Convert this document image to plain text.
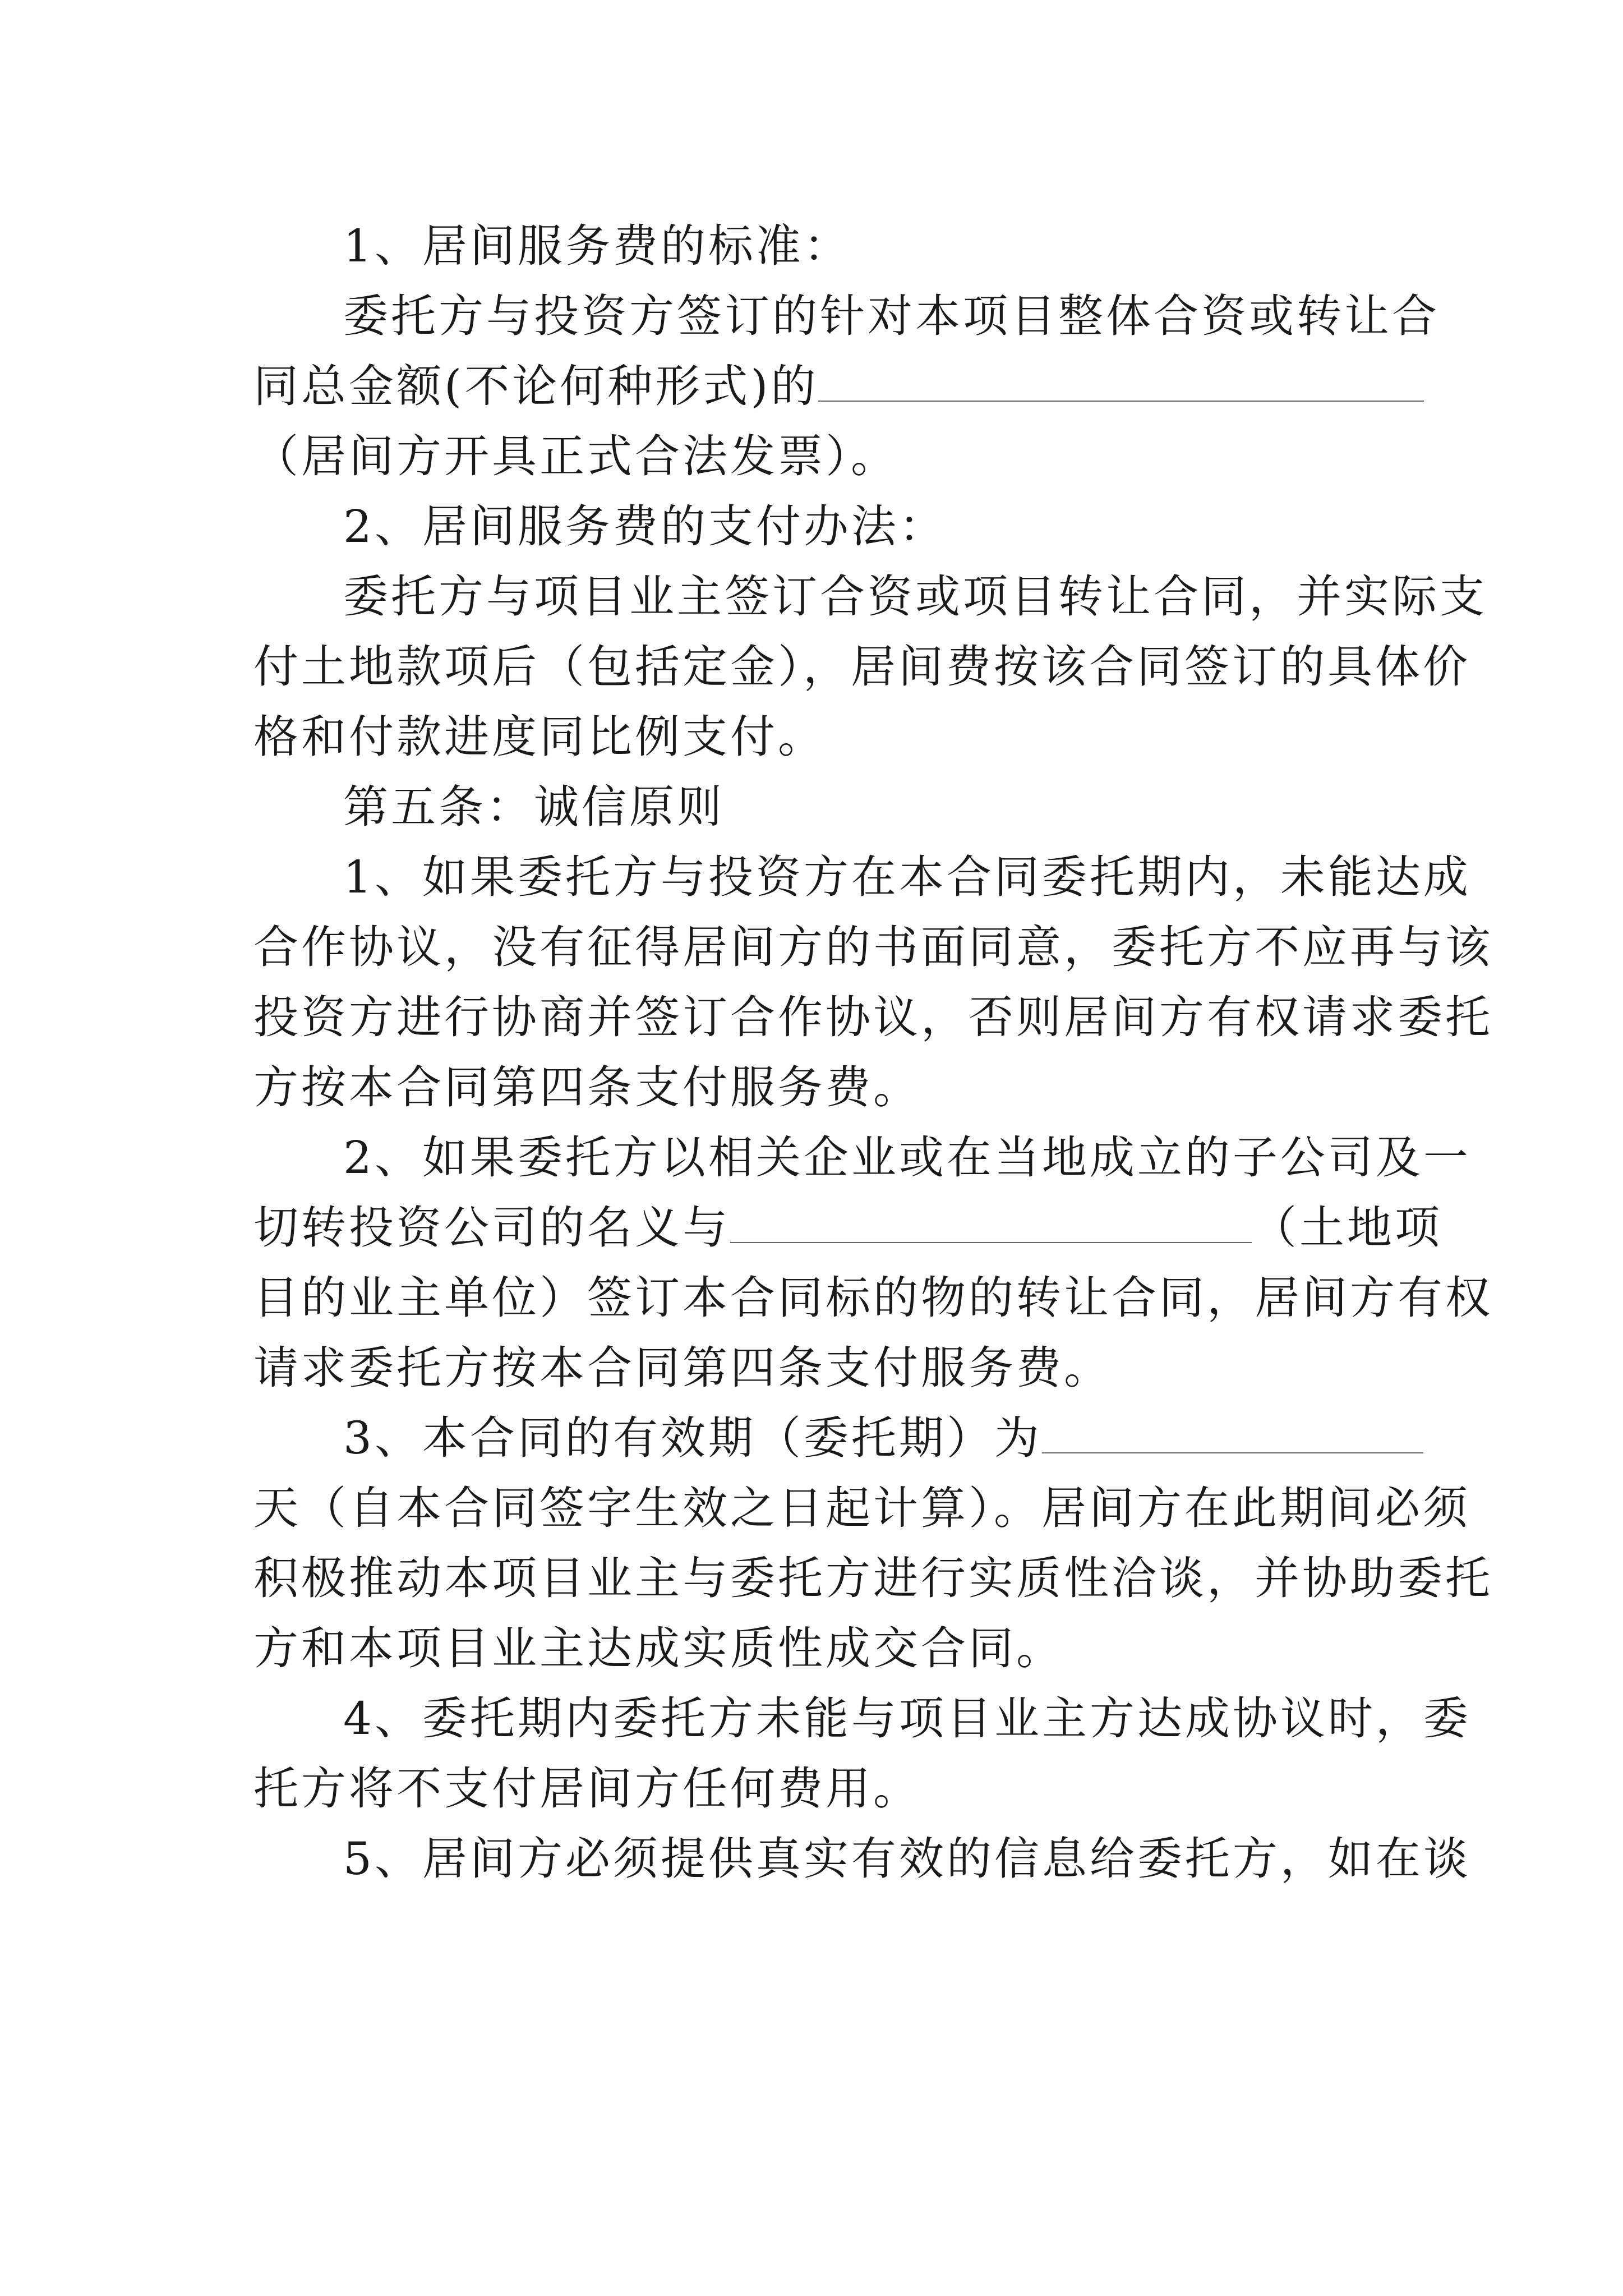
1、居间服务费的标准：
委托方与投资方签订的针对本项目整体合资或转让合
同总金额(不论何种形式)的
（居间方开具正式合法发票）。
2、居间服务费的支付办法：
委托方与项目业主签订合资或项目转让合同，并实际支
付土地款项后（包括定金），居间费按该合同签订的具体价
格和付款进度同比例支付。
第五条：诚信原则
1、如果委托方与投资方在本合同委托期内，未能达成
合作协议，没有征得居间方的书面同意，委托方不应再与该
投资方进行协商并签订合作协议，否则居间方有权请求委托
方按本合同第四条支付服务费。
2、如果委托方以相关企业或在当地成立的子公司及一
切转投资公司的名义与	（土地项
目的业主单位）签订本合同标的物的转让合同，居间方有权
请求委托方按本合同第四条支付服务费。
3、本合同的有效期（委托期）为
天（自本合同签字生效之日起计算）。居间方在此期间必须
积极推动本项目业主与委托方进行实质性洽谈，并协助委托
方和本项目业主达成实质性成交合同。
4、委托期内委托方未能与项目业主方达成协议时，委
托方将不支付居间方任何费用。
5、居间方必须提供真实有效的信息给委托方，如在谈
